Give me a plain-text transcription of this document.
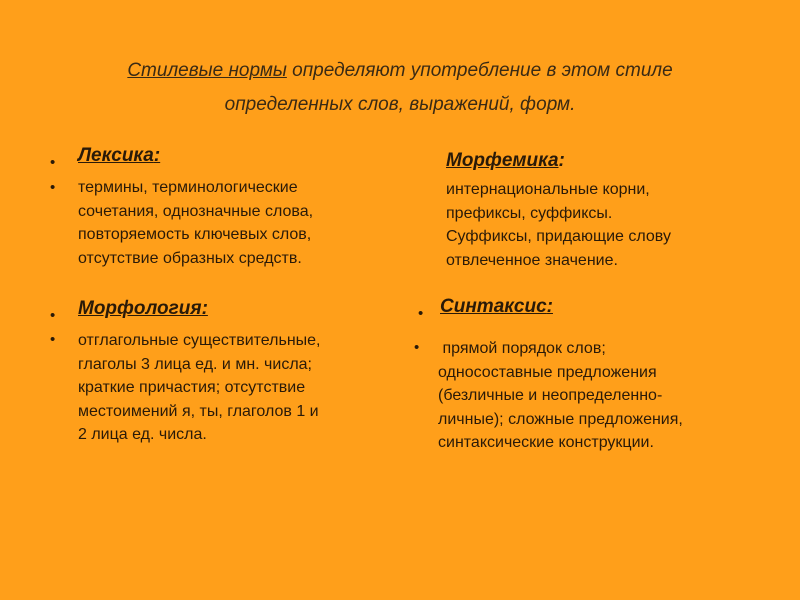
Стилевые нормы определяют употребление в этом стиле
определенных слов, выражений, форм.
• Лексика:
• термины, терминологические
сочетания, однозначные слова,
повторяемость ключевых слов,
отсутствие образных средств.
Морфемика:
интернациональные корни,
префиксы, суффиксы.
Суффиксы, придающие слову
отвлеченное значение.
• Морфология:
• отглагольные существительные,
глаголы 3 лица ед. и мн. числа;
краткие причастия; отсутствие
местоимений я, ты, глаголов 1 и
2 лица ед. числа.
• Синтаксис:
• прямой порядок слов;
односоставные предложения
(безличные и неопределенно-
личные); сложные предложения,
синтаксические конструкции.
